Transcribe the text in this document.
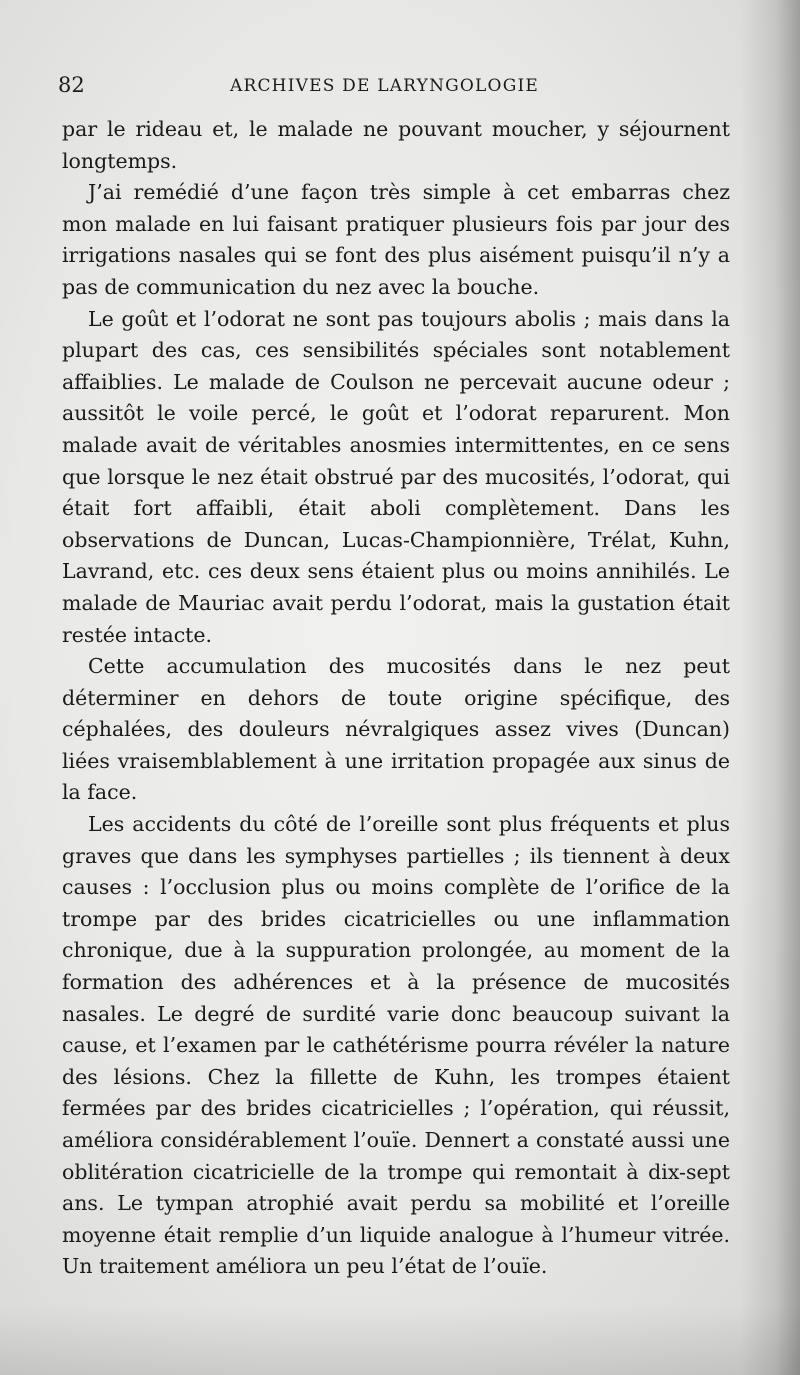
82	ARCHIVES DE LARYNGOLOGIE

par le rideau et, le malade ne pouvant moucher, y séjournent longtemps.

J’ai remédié d’une façon très simple à cet embarras chez mon malade en lui faisant pratiquer plusieurs fois par jour des irrigations nasales qui se font des plus aisément puisqu’il n’y a pas de communication du nez avec la bouche.

Le goût et l’odorat ne sont pas toujours abolis ; mais dans la plupart des cas, ces sensibilités spéciales sont notablement affaiblies. Le malade de Coulson ne percevait aucune odeur ; aussitôt le voile percé, le goût et l’odorat reparurent. Mon malade avait de véritables anosmies intermittentes, en ce sens que lorsque le nez était obstrué par des mucosités, l’odorat, qui était fort affaibli, était aboli complètement. Dans les observations de Duncan, Lucas-Championnière, Trélat, Kuhn, Lavrand, etc. ces deux sens étaient plus ou moins annihilés. Le malade de Mauriac avait perdu l’odorat, mais la gustation était restée intacte.

Cette accumulation des mucosités dans le nez peut déterminer en dehors de toute origine spécifique, des céphalées, des douleurs névralgiques assez vives (Duncan) liées vraisemblablement à une irritation propagée aux sinus de la face.

Les accidents du côté de l’oreille sont plus fréquents et plus graves que dans les symphyses partielles ; ils tiennent à deux causes : l’occlusion plus ou moins complète de l’orifice de la trompe par des brides cicatricielles ou une inflammation chronique, due à la suppuration prolongée, au moment de la formation des adhérences et à la présence de mucosités nasales. Le degré de surdité varie donc beaucoup suivant la cause, et l’examen par le cathétérisme pourra révéler la nature des lésions. Chez la fillette de Kuhn, les trompes étaient fermées par des brides cicatricielles ; l’opération, qui réussit, améliora considérablement l’ouïe. Dennert a constaté aussi une oblitération cicatricielle de la trompe qui remontait à dix-sept ans. Le tympan atrophié avait perdu sa mobilité et l’oreille moyenne était remplie d’un liquide analogue à l’humeur vitrée. Un traitement améliora un peu l’état de l’ouïe.
